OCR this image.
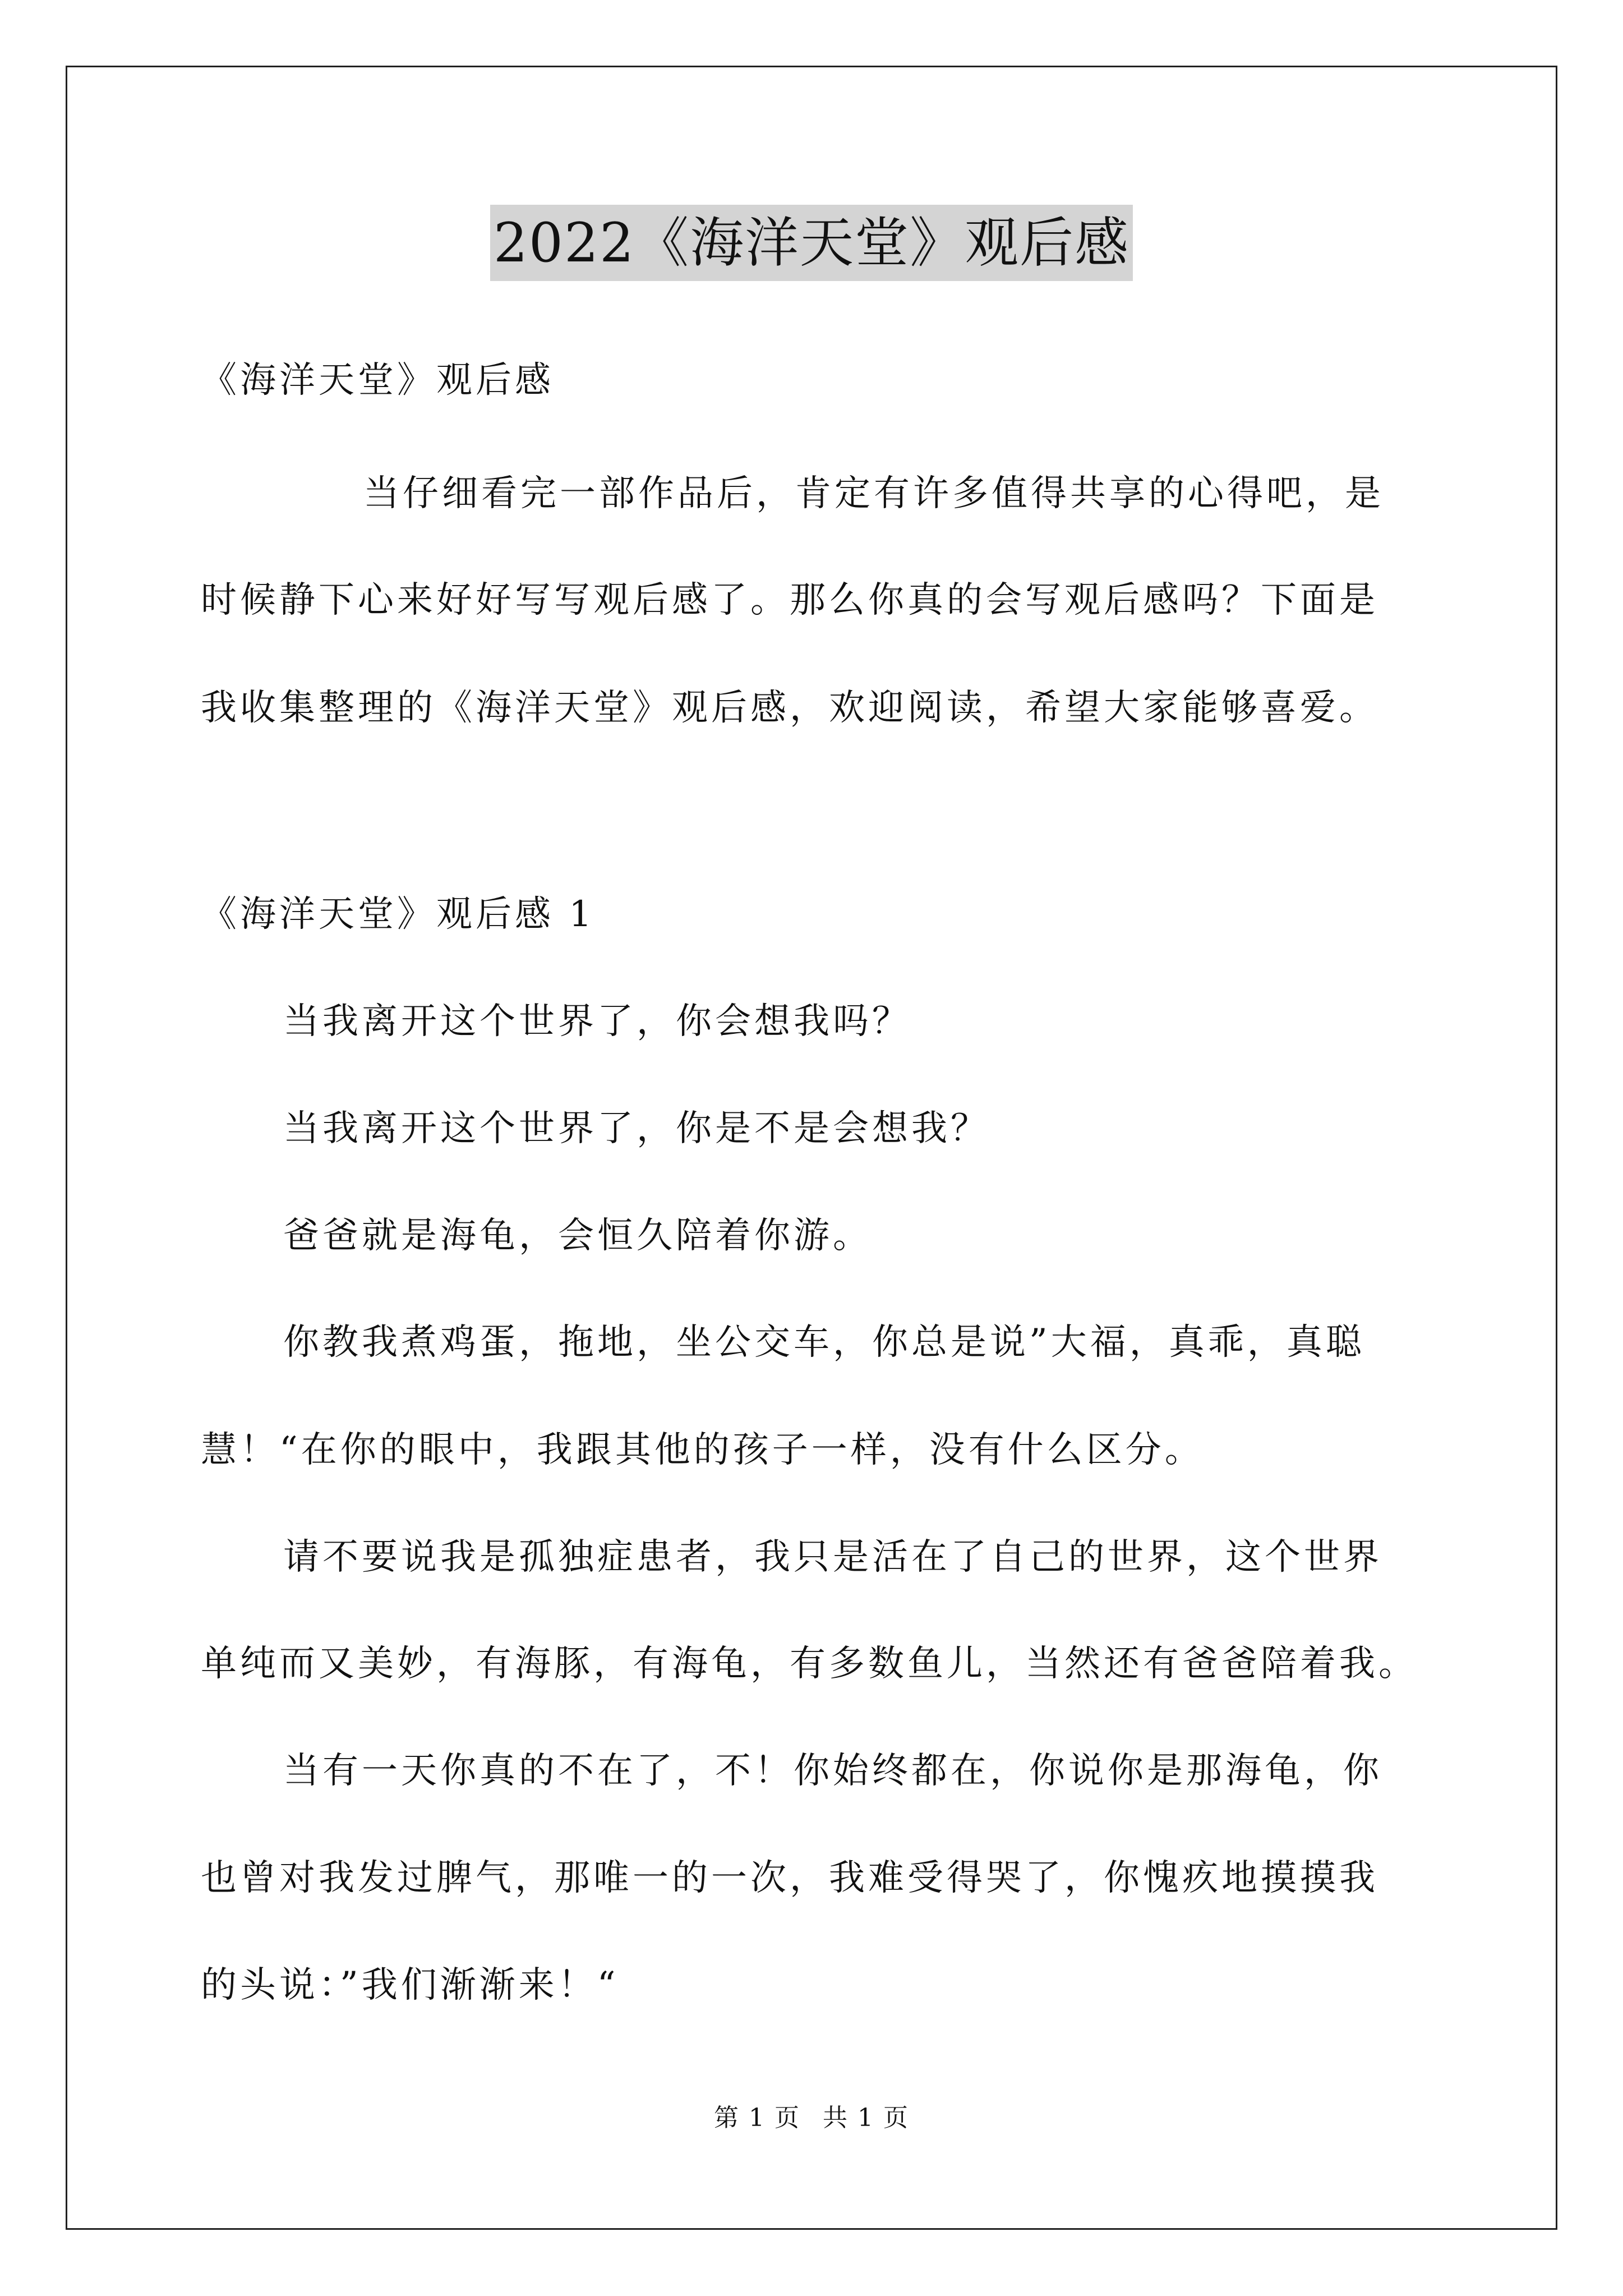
2022《海洋天堂》观后感
《海洋天堂》观后感
当仔细看完一部作品后，肯定有许多值得共享的心得吧，是
时候静下心来好好写写观后感了。那么你真的会写观后感吗？下面是
我收集整理的《海洋天堂》观后感，欢迎阅读，希望大家能够喜爱。
《海洋天堂》观后感 1
当我离开这个世界了，你会想我吗？
当我离开这个世界了，你是不是会想我？
爸爸就是海龟，会恒久陪着你游。
你教我煮鸡蛋，拖地，坐公交车，你总是说”大福，真乖，真聪
慧！“在你的眼中，我跟其他的孩子一样，没有什么区分。
请不要说我是孤独症患者，我只是活在了自己的世界，这个世界
单纯而又美妙，有海豚，有海龟，有多数鱼儿，当然还有爸爸陪着我。
当有一天你真的不在了，不！你始终都在，你说你是那海龟，你
也曾对我发过脾气，那唯一的一次，我难受得哭了，你愧疚地摸摸我
的头说：”我们渐渐来！“
第 1 页 共 1 页
